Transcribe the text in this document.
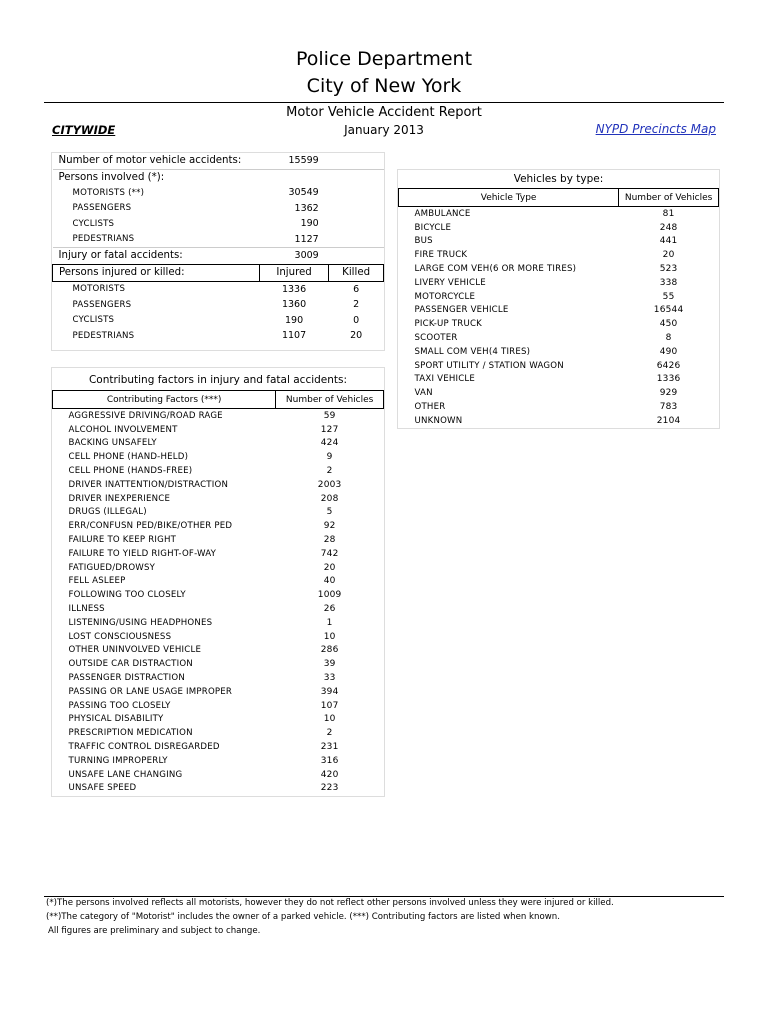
Police Department
City of New York
Motor Vehicle Accident Report
CITYWIDE	January 2013	NYPD Precincts Map
Number of motor vehicle accidents:	15599	
Persons involved (*):		
MOTORISTS (**)	30549	
PASSENGERS	1362	
CYCLISTS	190	
PEDESTRIANS	1127	
Injury or fatal accidents:	3009	
Persons injured or killed:	Injured	Killed
MOTORISTS	1336	6
PASSENGERS	1360	2
CYCLISTS	190	0
PEDESTRIANS	1107	20
Contributing factors in injury and fatal accidents:
Contributing Factors (***)	Number of Vehicles
AGGRESSIVE DRIVING/ROAD RAGE	59
ALCOHOL INVOLVEMENT	127
BACKING UNSAFELY	424
CELL PHONE (HAND-HELD)	9
CELL PHONE (HANDS-FREE)	2
DRIVER INATTENTION/DISTRACTION	2003
DRIVER INEXPERIENCE	208
DRUGS (ILLEGAL)	5
ERR/CONFUSN PED/BIKE/OTHER PED	92
FAILURE TO KEEP RIGHT	28
FAILURE TO YIELD RIGHT-OF-WAY	742
FATIGUED/DROWSY	20
FELL ASLEEP	40
FOLLOWING TOO CLOSELY	1009
ILLNESS	26
LISTENING/USING HEADPHONES	1
LOST CONSCIOUSNESS	10
OTHER UNINVOLVED VEHICLE	286
OUTSIDE CAR DISTRACTION	39
PASSENGER DISTRACTION	33
PASSING OR LANE USAGE IMPROPER	394
PASSING TOO CLOSELY	107
PHYSICAL DISABILITY	10
PRESCRIPTION MEDICATION	2
TRAFFIC CONTROL DISREGARDED	231
TURNING IMPROPERLY	316
UNSAFE LANE CHANGING	420
UNSAFE SPEED	223
Vehicles by type:
Vehicle Type	Number of Vehicles
AMBULANCE	81
BICYCLE	248
BUS	441
FIRE TRUCK	20
LARGE COM VEH(6 OR MORE TIRES)	523
LIVERY VEHICLE	338
MOTORCYCLE	55
PASSENGER VEHICLE	16544
PICK-UP TRUCK	450
SCOOTER	8
SMALL COM VEH(4 TIRES)	490
SPORT UTILITY / STATION WAGON	6426
TAXI VEHICLE	1336
VAN	929
OTHER	783
UNKNOWN	2104
(*)The persons involved reflects all motorists, however they do not reflect other persons involved unless they were injured or killed.
(**)The category of "Motorist" includes the owner of a parked vehicle. (***) Contributing factors are listed when known.
All figures are preliminary and subject to change.
